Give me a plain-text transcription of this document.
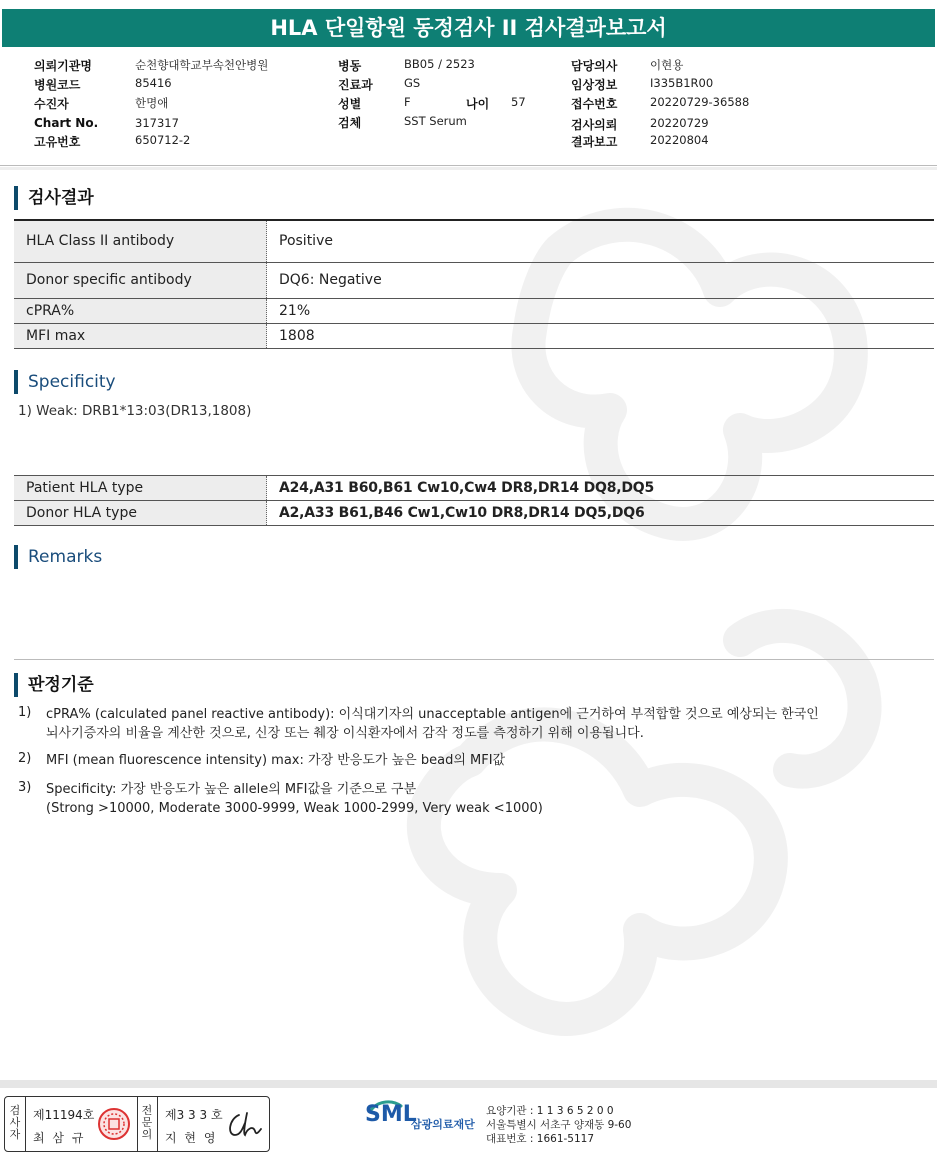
HLA 단일항원 동정검사 II 검사결과보고서
의뢰기관명	순천향대학교부속천안병원
병원코드	85416
수진자	한명애
Chart No.	317317
고유번호	650712-2
병동	BB05 / 2523
진료과	GS
성별	F	나이 57
검체	SST Serum
담당의사	이현용
임상정보	I335B1R00
접수번호	20220729-36588
검사의뢰	20220729
결과보고	20220804
검사결과
HLA Class II antibody	Positive
Donor specific antibody	DQ6: Negative
cPRA%	21%
MFI max	1808
Specificity
1) Weak: DRB1*13:03(DR13,1808)
Patient HLA type	A24,A31 B60,B61 Cw10,Cw4 DR8,DR14 DQ8,DQ5
Donor HLA type	A2,A33 B61,B46 Cw1,Cw10 DR8,DR14 DQ5,DQ6
Remarks
판정기준
1) cPRA% (calculated panel reactive antibody): 이식대기자의 unacceptable antigen에 근거하여 부적합할 것으로 예상되는 한국인
뇌사기증자의 비율을 계산한 것으로, 신장 또는 췌장 이식환자에서 감작 정도를 측정하기 위해 이용됩니다.
2) MFI (mean fluorescence intensity) max: 가장 반응도가 높은 bead의 MFI값
3) Specificity: 가장 반응도가 높은 allele의 MFI값을 기준으로 구분
(Strong >10000, Moderate 3000-9999, Weak 1000-2999, Very weak <1000)
검
사
자
제11194호
최 삼 규
전
문
의
제3 3 3 호
지 현 영
SML
삼광의료재단
요양기관 : 1 1 3 6 5 2 0 0
서울특별시 서초구 양재동 9-60
대표번호 : 1661-5117
